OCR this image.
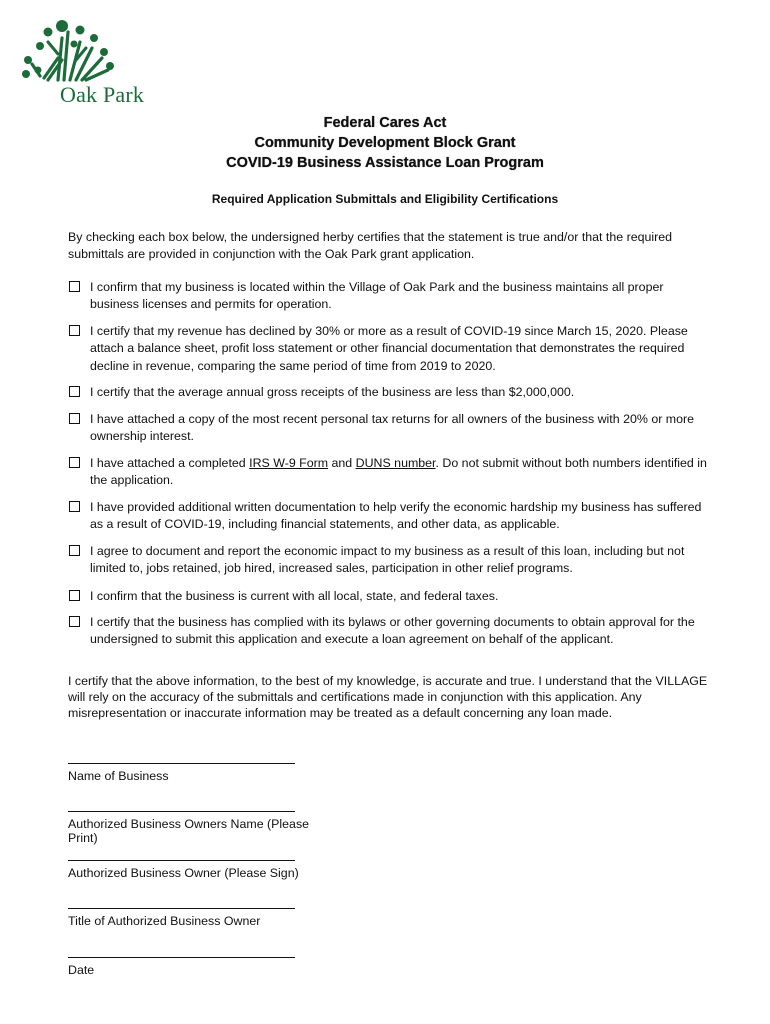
Oak Park
Federal Cares Act
Community Development Block Grant
COVID-19 Business Assistance Loan Program
Required Application Submittals and Eligibility Certifications
By checking each box below, the undersigned herby certifies that the statement is true and/or that the required submittals are provided in conjunction with the Oak Park grant application.
I confirm that my business is located within the Village of Oak Park and the business maintains all proper business licenses and permits for operation.
I certify that my revenue has declined by 30% or more as a result of COVID-19 since March 15, 2020. Please attach a balance sheet, profit loss statement or other financial documentation that demonstrates the required decline in revenue, comparing the same period of time from 2019 to 2020.
I certify that the average annual gross receipts of the business are less than $2,000,000.
I have attached a copy of the most recent personal tax returns for all owners of the business with 20% or more ownership interest.
I have attached a completed IRS W-9 Form and DUNS number. Do not submit without both numbers identified in the application.
I have provided additional written documentation to help verify the economic hardship my business has suffered as a result of COVID-19, including financial statements, and other data, as applicable.
I agree to document and report the economic impact to my business as a result of this loan, including but not limited to, jobs retained, job hired, increased sales, participation in other relief programs.
I confirm that the business is current with all local, state, and federal taxes.
I certify that the business has complied with its bylaws or other governing documents to obtain approval for the undersigned to submit this application and execute a loan agreement on behalf of the applicant.
I certify that the above information, to the best of my knowledge, is accurate and true. I understand that the VILLAGE will rely on the accuracy of the submittals and certifications made in conjunction with this application. Any misrepresentation or inaccurate information may be treated as a default concerning any loan made.
Name of Business
Authorized Business Owners Name (Please Print)
Authorized Business Owner (Please Sign)
Title of Authorized Business Owner
Date
